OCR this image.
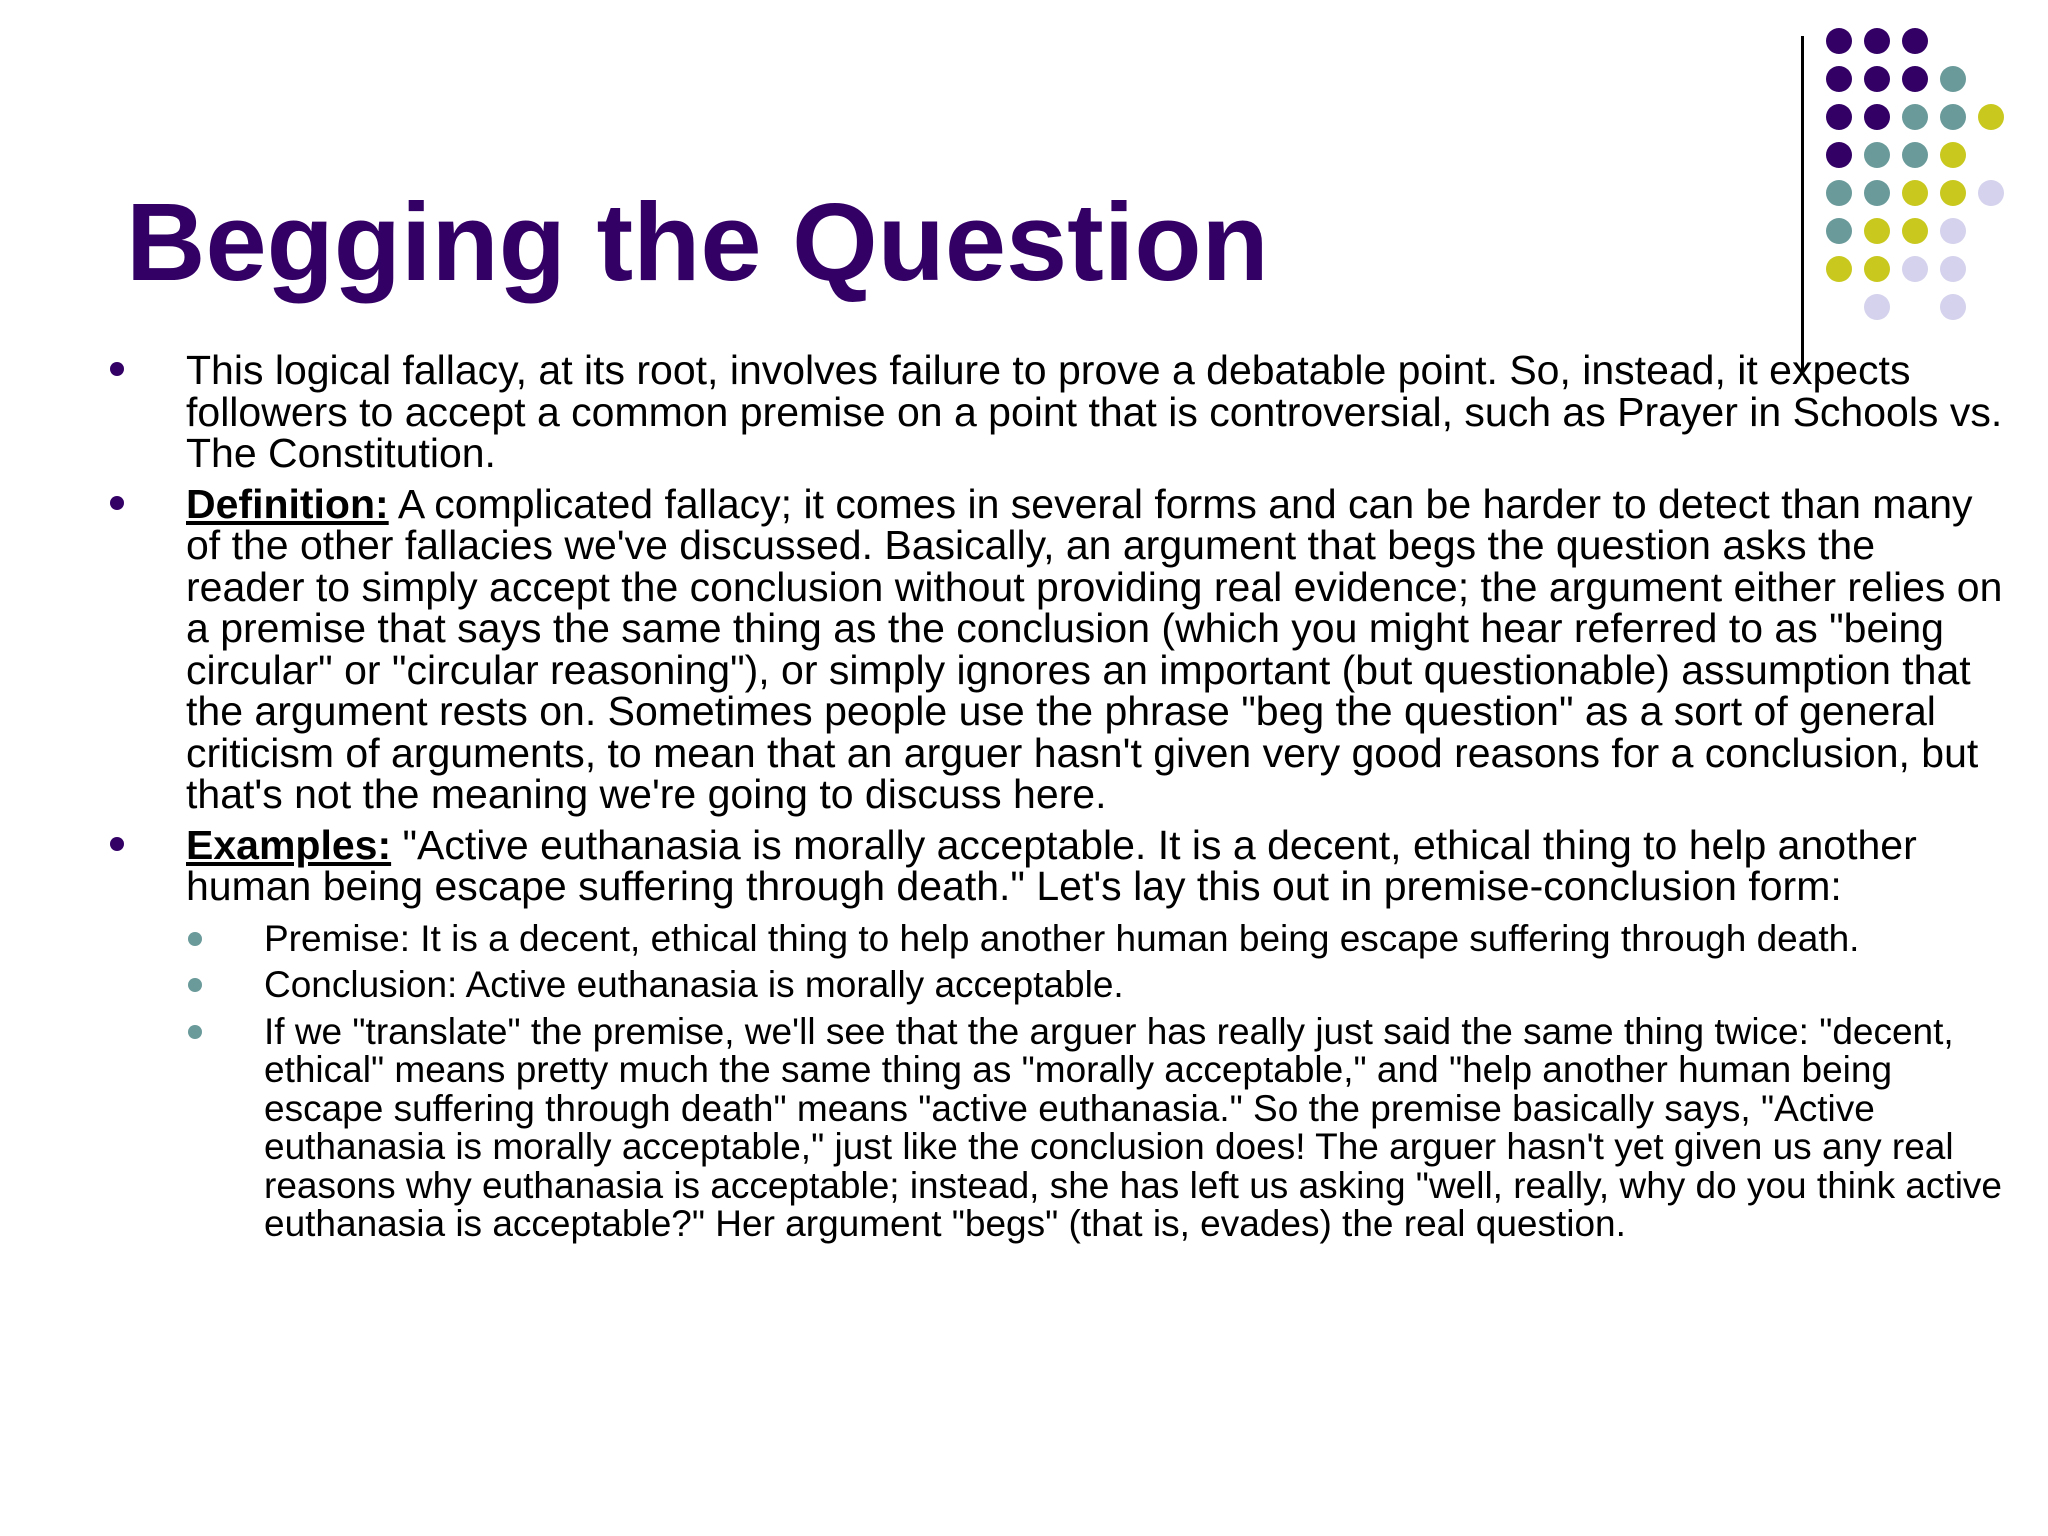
Begging the Question
This logical fallacy, at its root, involves failure to prove a debatable point. So, instead, it expects followers to accept a common premise on a point that is controversial, such as Prayer in Schools vs. The Constitution.
Definition: A complicated fallacy; it comes in several forms and can be harder to detect than many of the other fallacies we've discussed. Basically, an argument that begs the question asks the reader to simply accept the conclusion without providing real evidence; the argument either relies on a premise that says the same thing as the conclusion (which you might hear referred to as "being circular" or "circular reasoning"), or simply ignores an important (but questionable) assumption that the argument rests on. Sometimes people use the phrase "beg the question" as a sort of general criticism of arguments, to mean that an arguer hasn't given very good reasons for a conclusion, but that's not the meaning we're going to discuss here.
Examples: "Active euthanasia is morally acceptable. It is a decent, ethical thing to help another human being escape suffering through death." Let's lay this out in premise-conclusion form:
Premise: It is a decent, ethical thing to help another human being escape suffering through death.
Conclusion: Active euthanasia is morally acceptable.
If we "translate" the premise, we'll see that the arguer has really just said the same thing twice: "decent, ethical" means pretty much the same thing as "morally acceptable," and "help another human being escape suffering through death" means "active euthanasia." So the premise basically says, "Active euthanasia is morally acceptable," just like the conclusion does! The arguer hasn't yet given us any real reasons why euthanasia is acceptable; instead, she has left us asking "well, really, why do you think active euthanasia is acceptable?" Her argument "begs" (that is, evades) the real question.
